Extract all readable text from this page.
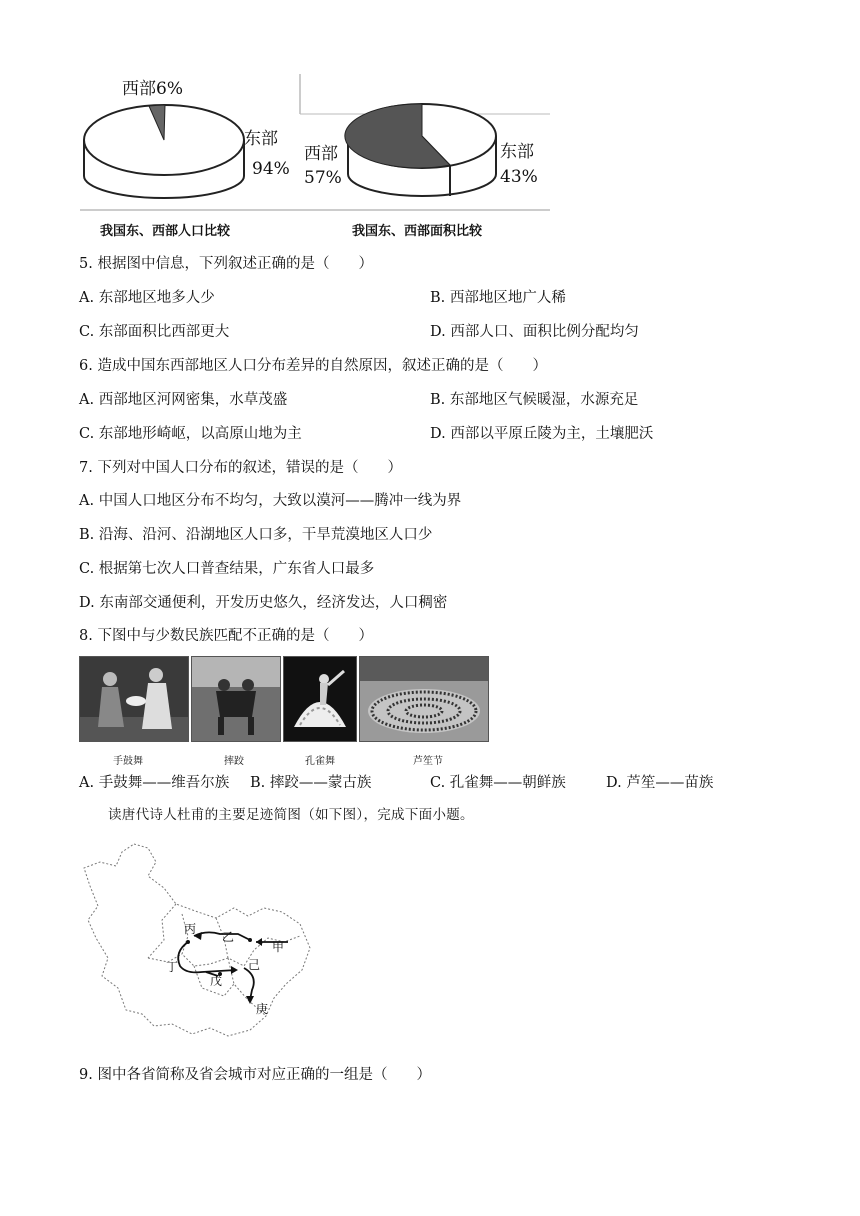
西部6%
东部
94%
西部
57%
东部
43%
我国东、西部人口比较	我国东、西部面积比较
5. 根据图中信息，下列叙述正确的是（　　）
A. 东部地区地多人少	B. 西部地区地广人稀
C. 东部面积比西部更大	D. 西部人口、面积比例分配均匀
6. 造成中国东西部地区人口分布差异的自然原因，叙述正确的是（　　）
A. 西部地区河网密集，水草茂盛	B. 东部地区气候暖湿，水源充足
C. 东部地形崎岖，以高原山地为主	D. 西部以平原丘陵为主，土壤肥沃
7. 下列对中国人口分布的叙述，错误的是（　　）
A. 中国人口地区分布不均匀，大致以漠河——腾冲一线为界
B. 沿海、沿河、沿湖地区人口多，干旱荒漠地区人口少
C. 根据第七次人口普查结果，广东省人口最多
D. 东南部交通便利，开发历史悠久，经济发达，人口稠密
8. 下图中与少数民族匹配不正确的是（　　）
手鼓舞	摔跤	孔雀舞	芦笙节
A. 手鼓舞——维吾尔族 B. 摔跤——蒙古族	C. 孔雀舞——朝鲜族	D. 芦笙——苗族
读唐代诗人杜甫的主要足迹简图（如下图），完成下面小题。
甲
乙
丙
丁
戊
己
庚
9. 图中各省简称及省会城市对应正确的一组是（　　）
